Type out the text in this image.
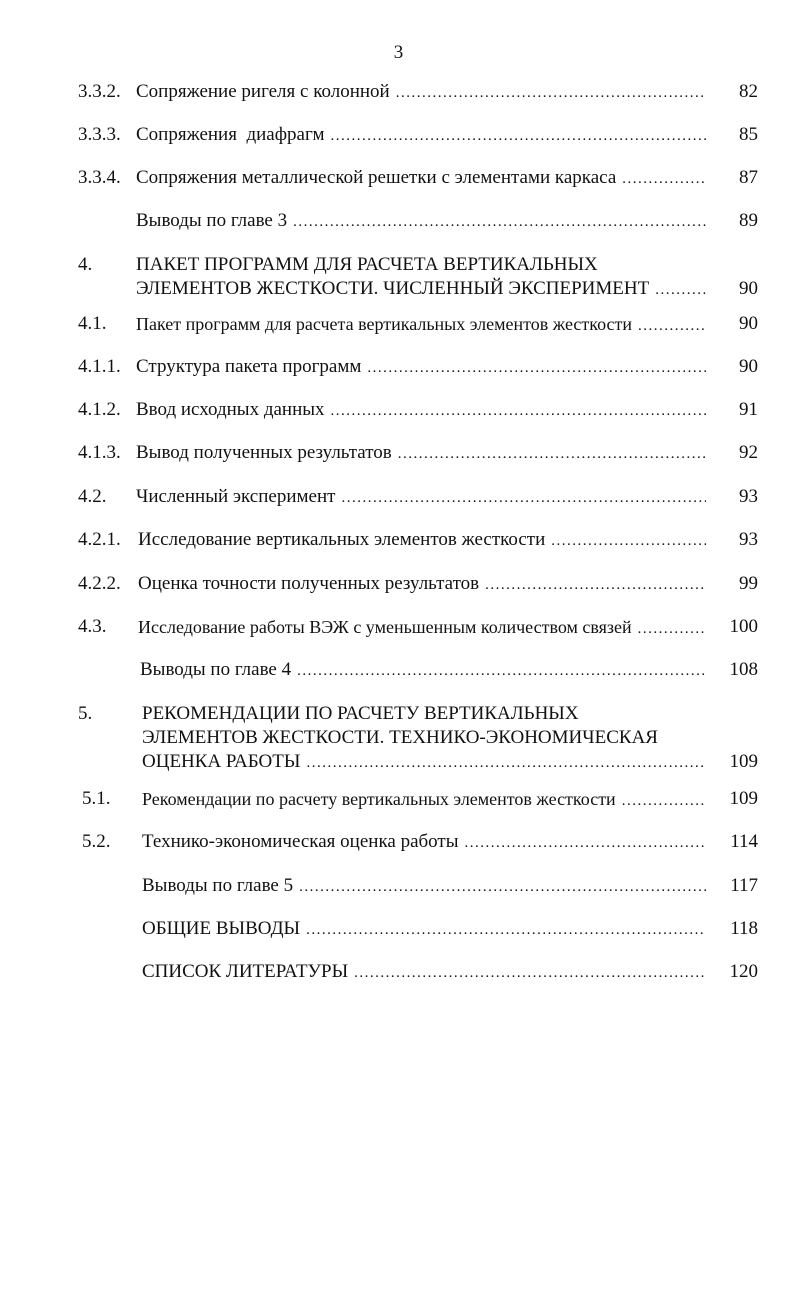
3
3.3.2. Сопряжение ригеля с колонной .....	82
3.3.3. Сопряжения  диафрагм .....	85
3.3.4. Сопряжения металлической решетки с элементами каркаса .....	87
Выводы по главе 3 .....	89
4. ПАКЕТ ПРОГРАММ ДЛЯ РАСЧЕТА ВЕРТИКАЛЬНЫХ
ЭЛЕМЕНТОВ ЖЕСТКОСТИ. ЧИСЛЕННЫЙ ЭКСПЕРИМЕНТ .....	90
4.1. Пакет программ для расчета вертикальных элементов жесткости .....	90
4.1.1. Структура пакета программ .....	90
4.1.2. Ввод исходных данных .....	91
4.1.3. Вывод полученных результатов .....	92
4.2. Численный эксперимент .....	93
4.2.1. Исследование вертикальных элементов жесткости .....	93
4.2.2. Оценка точности полученных результатов .....	99
4.3. Исследование работы ВЭЖ с уменьшенным количеством связей .....	100
Выводы по главе 4 .....	108
5.	РЕКОМЕНДАЦИИ ПО РАСЧЕТУ ВЕРТИКАЛЬНЫХ
ЭЛЕМЕНТОВ ЖЕСТКОСТИ. ТЕХНИКО-ЭКОНОМИЧЕСКАЯ
ОЦЕНКА РАБОТЫ .....	109
5.1. Рекомендации по расчету вертикальных элементов жесткости .....	109
5.2. Технико-экономическая оценка работы .....	114
Выводы по главе 5 .....	117
ОБЩИЕ ВЫВОДЫ .....	118
СПИСОК ЛИТЕРАТУРЫ .....	120
